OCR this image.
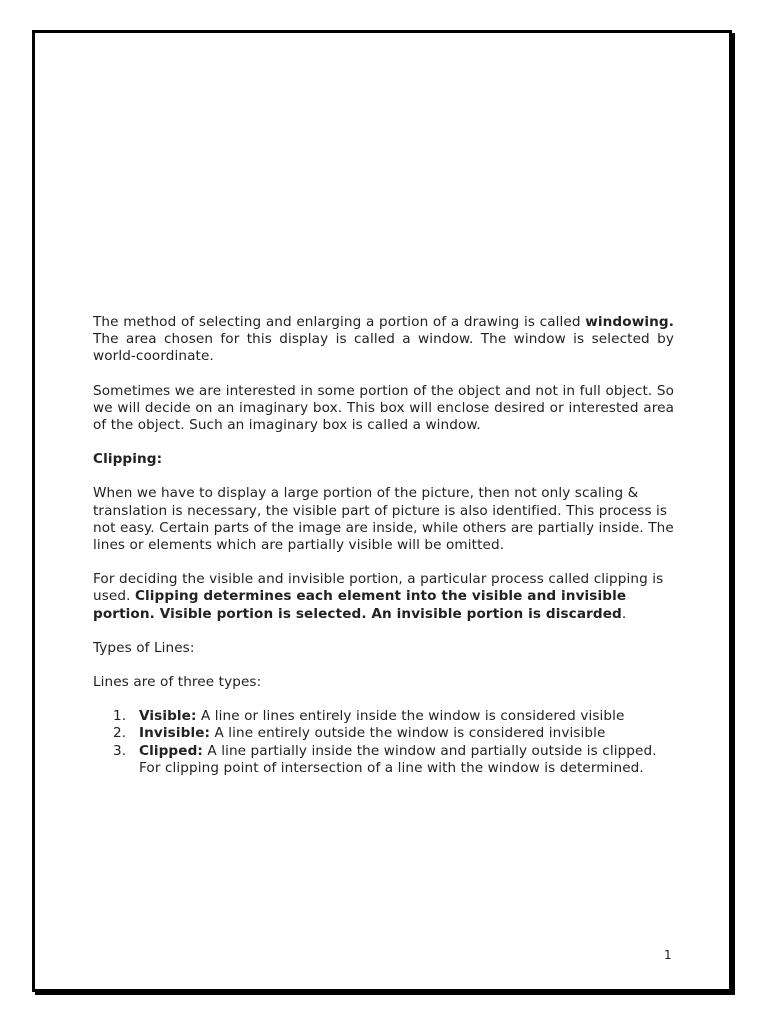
The method of selecting and enlarging a portion of a drawing is called windowing. The area chosen for this display is called a window. The window is selected by world-coordinate.

Sometimes we are interested in some portion of the object and not in full object. So we will decide on an imaginary box. This box will enclose desired or interested area of the object. Such an imaginary box is called a window.

Clipping:

When we have to display a large portion of the picture, then not only scaling & translation is necessary, the visible part of picture is also identified. This process is not easy. Certain parts of the image are inside, while others are partially inside. The lines or elements which are partially visible will be omitted.

For deciding the visible and invisible portion, a particular process called clipping is used. Clipping determines each element into the visible and invisible portion. Visible portion is selected. An invisible portion is discarded.

Types of Lines:

Lines are of three types:

1. Visible: A line or lines entirely inside the window is considered visible
2. Invisible: A line entirely outside the window is considered invisible
3. Clipped: A line partially inside the window and partially outside is clipped. For clipping point of intersection of a line with the window is determined.
1
